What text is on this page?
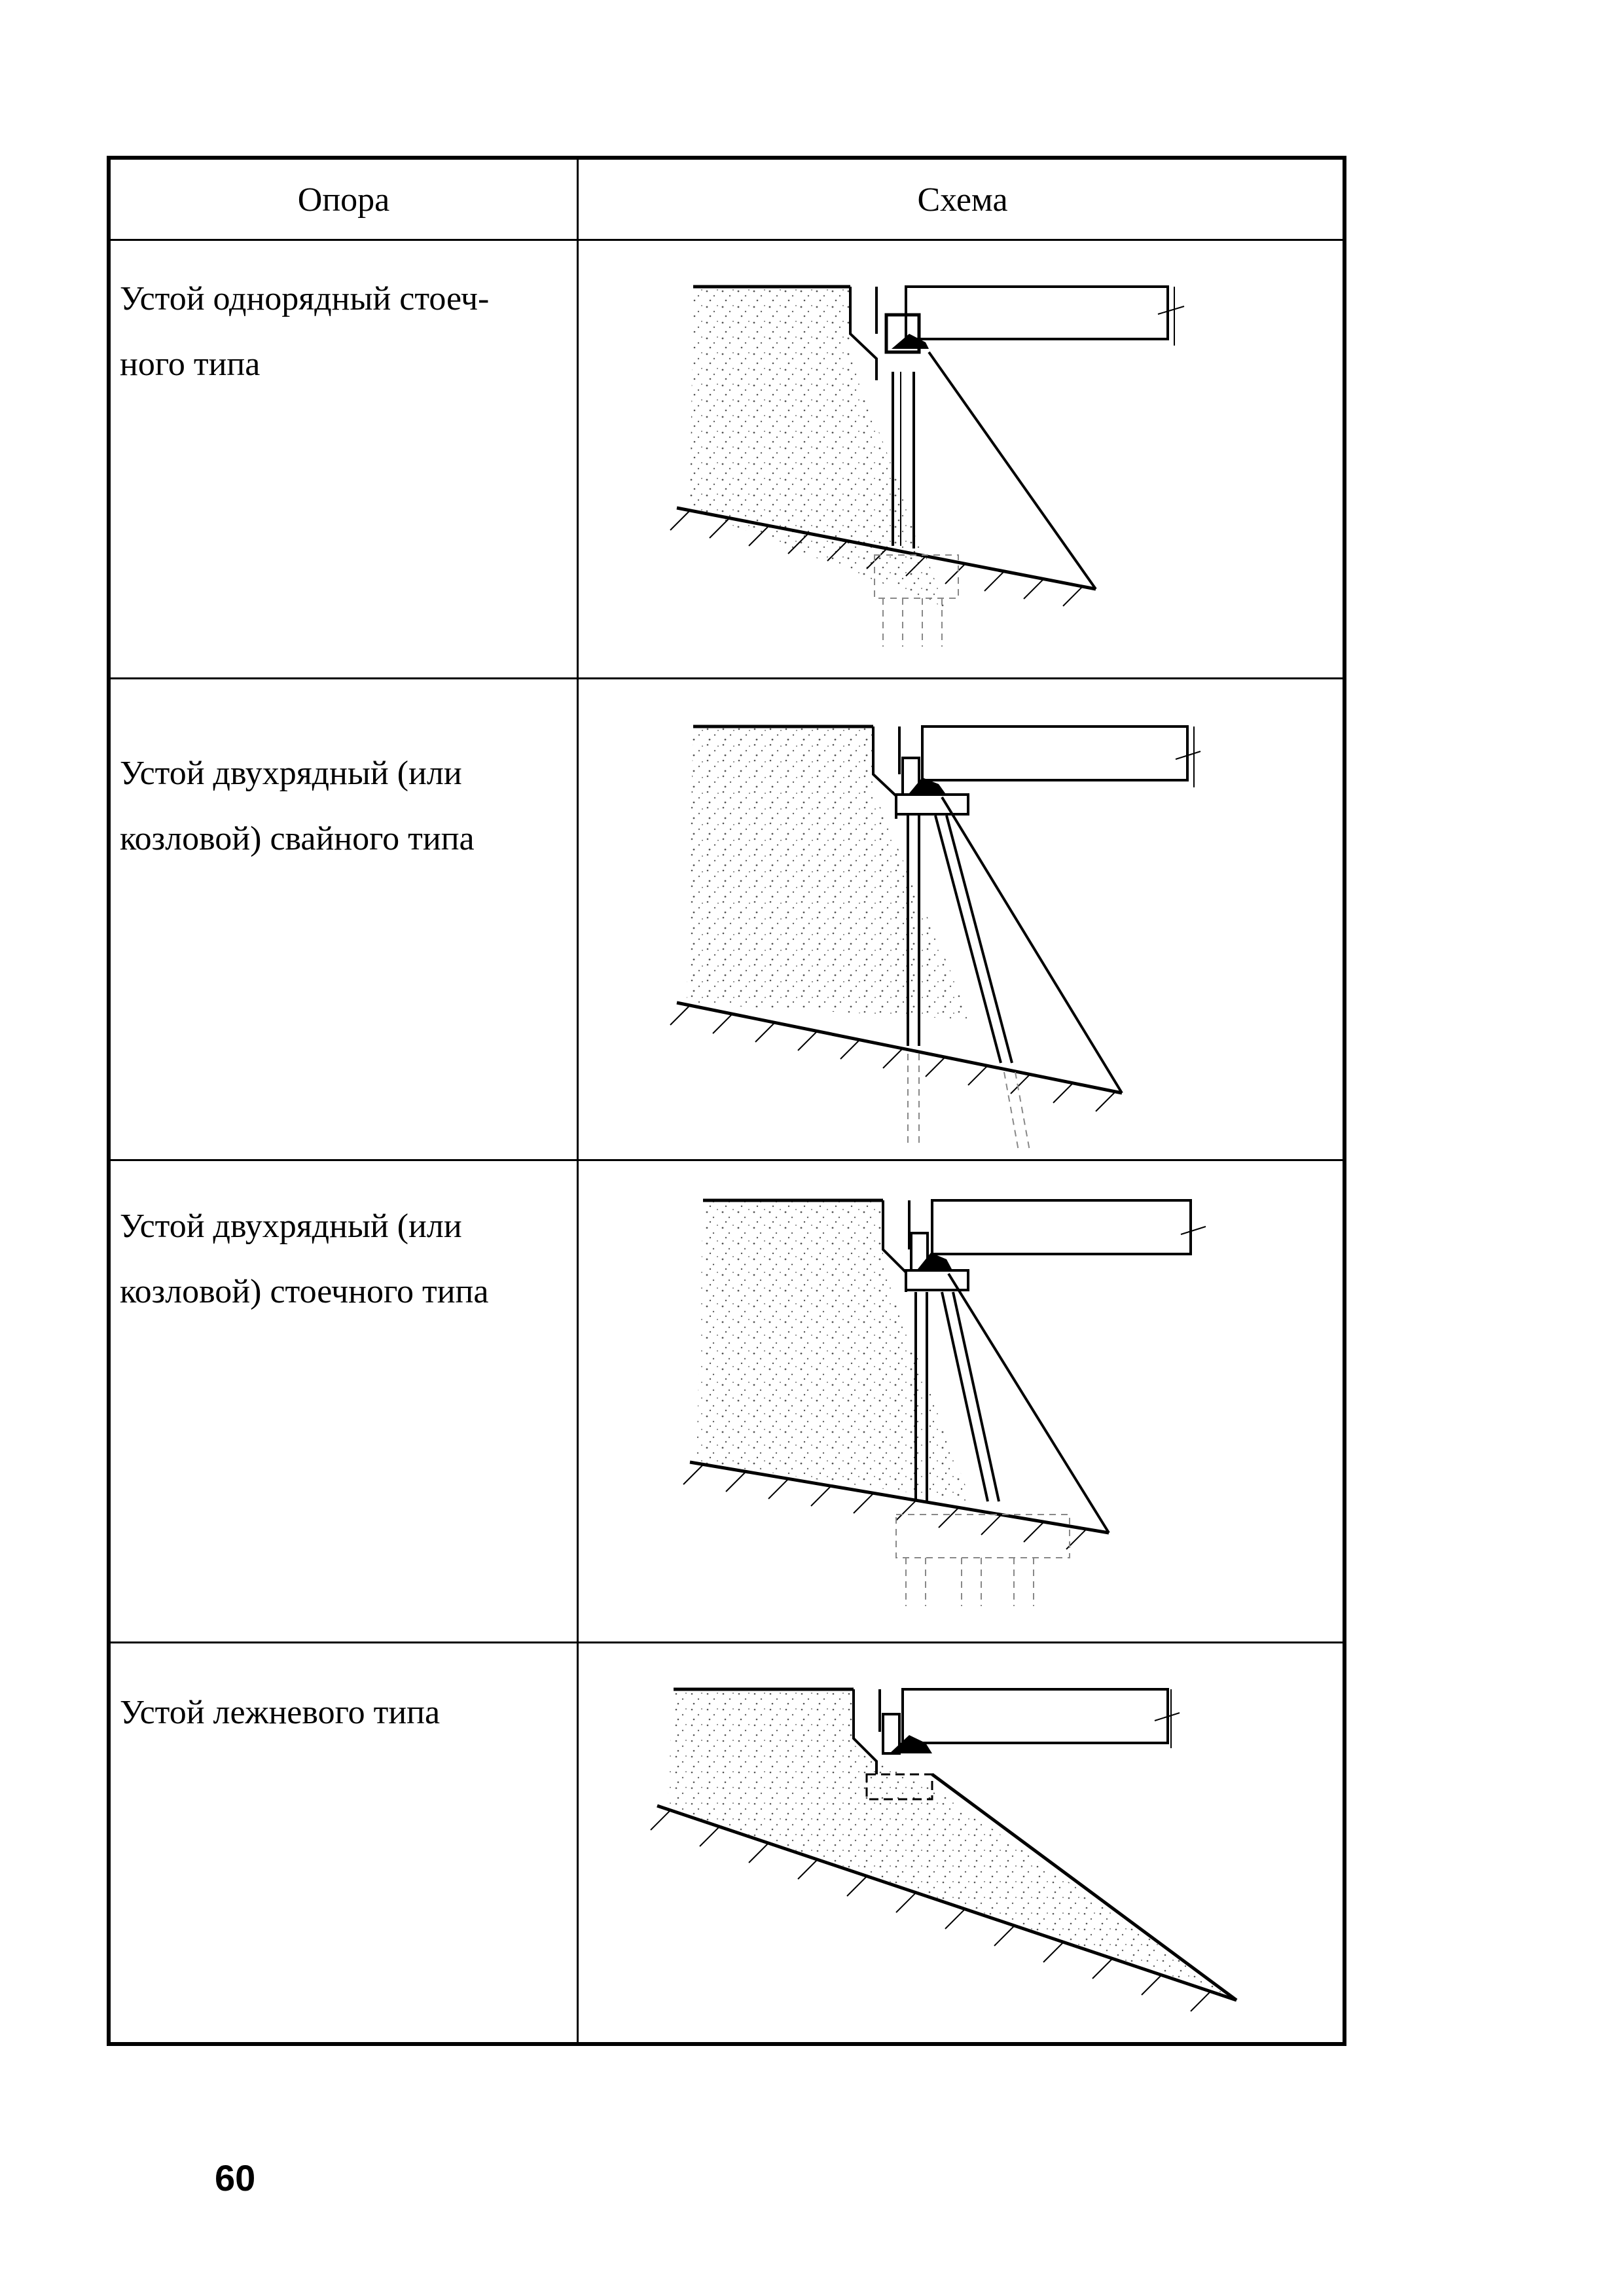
Опора	Схема
Устой однорядный стоеч-
ного типа
Устой двухрядный (или
козловой) свайного типа
Устой двухрядный (или
козловой) стоечного типа
Устой лежневого типа
60
